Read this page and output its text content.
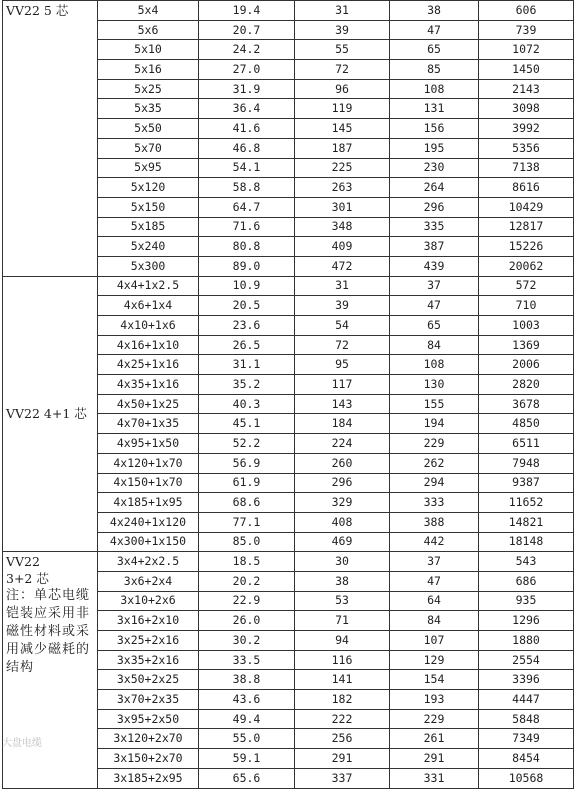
VV22 5 芯	5x4	19.4	31	38	606
	5x6	20.7	39	47	739
	5x10	24.2	55	65	1072
	5x16	27.0	72	85	1450
	5x25	31.9	96	108	2143
	5x35	36.4	119	131	3098
	5x50	41.6	145	156	3992
	5x70	46.8	187	195	5356
	5x95	54.1	225	230	7138
	5x120	58.8	263	264	8616
	5x150	64.7	301	296	10429
	5x185	71.6	348	335	12817
	5x240	80.8	409	387	15226
	5x300	89.0	472	439	20062

VV22 4+1 芯	4x4+1x2.5	10.9	31	37	572
	4x6+1x4	20.5	39	47	710
	4x10+1x6	23.6	54	65	1003
	4x16+1x10	26.5	72	84	1369
	4x25+1x16	31.1	95	108	2006
	4x35+1x16	35.2	117	130	2820
	4x50+1x25	40.3	143	155	3678
	4x70+1x35	45.1	184	194	4850
	4x95+1x50	52.2	224	229	6511
	4x120+1x70	56.9	260	262	7948
	4x150+1x70	61.9	296	294	9387
	4x185+1x95	68.6	329	333	11652
	4x240+1x120	77.1	408	388	14821
	4x300+1x150	85.0	469	442	18148

VV22
3+2 芯
注：单芯电缆铠装应采用非磁性材料或采用减少磁耗的结构	3x4+2x2.5	18.5	30	37	543
	3x6+2x4	20.2	38	47	686
	3x10+2x6	22.9	53	64	935
	3x16+2x10	26.0	71	84	1296
	3x25+2x16	30.2	94	107	1880
	3x35+2x16	33.5	116	129	2554
	3x50+2x25	38.8	141	154	3396
	3x70+2x35	43.6	182	193	4447
	3x95+2x50	49.4	222	229	5848
	3x120+2x70	55.0	256	261	7349
	3x150+2x70	59.1	291	291	8454
	3x185+2x95	65.6	337	331	10568
大盘电缆
